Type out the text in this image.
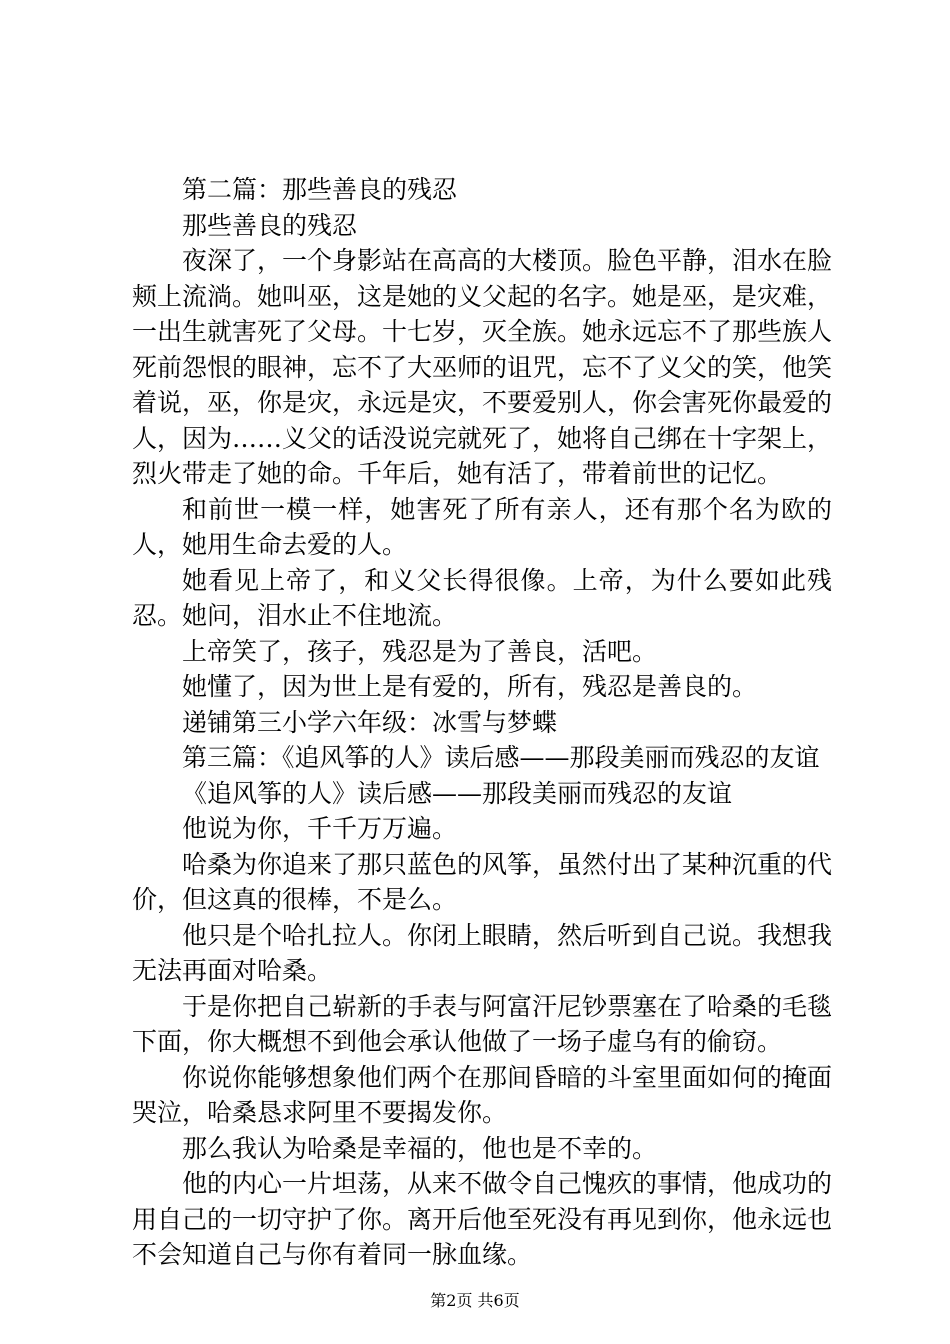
第二篇：那些善良的残忍

那些善良的残忍

夜深了，一个身影站在高高的大楼顶。脸色平静，泪水在脸颊上流淌。她叫巫，这是她的义父起的名字。她是巫，是灾难，一出生就害死了父母。十七岁，灭全族。她永远忘不了那些族人死前怨恨的眼神，忘不了大巫师的诅咒，忘不了义父的笑，他笑着说，巫，你是灾，永远是灾，不要爱别人，你会害死你最爱的人，因为……义父的话没说完就死了，她将自己绑在十字架上，烈火带走了她的命。千年后，她有活了，带着前世的记忆。

和前世一模一样，她害死了所有亲人，还有那个名为欧的人，她用生命去爱的人。

她看见上帝了，和义父长得很像。上帝，为什么要如此残忍。她问，泪水止不住地流。

上帝笑了，孩子，残忍是为了善良，活吧。

她懂了，因为世上是有爱的，所有，残忍是善良的。

递铺第三小学六年级：冰雪与梦蝶

第三篇：《追风筝的人》读后感——那段美丽而残忍的友谊

《追风筝的人》读后感——那段美丽而残忍的友谊

他说为你，千千万万遍。

哈桑为你追来了那只蓝色的风筝，虽然付出了某种沉重的代价，但这真的很棒，不是么。

他只是个哈扎拉人。你闭上眼睛，然后听到自己说。我想我无法再面对哈桑。

于是你把自己崭新的手表与阿富汗尼钞票塞在了哈桑的毛毯下面，你大概想不到他会承认他做了一场子虚乌有的偷窃。

你说你能够想象他们两个在那间昏暗的斗室里面如何的掩面哭泣，哈桑恳求阿里不要揭发你。

那么我认为哈桑是幸福的，他也是不幸的。

他的内心一片坦荡，从来不做令自己愧疚的事情，他成功的用自己的一切守护了你。离开后他至死没有再见到你，他永远也不会知道自己与你有着同一脉血缘。

第2页 共6页
